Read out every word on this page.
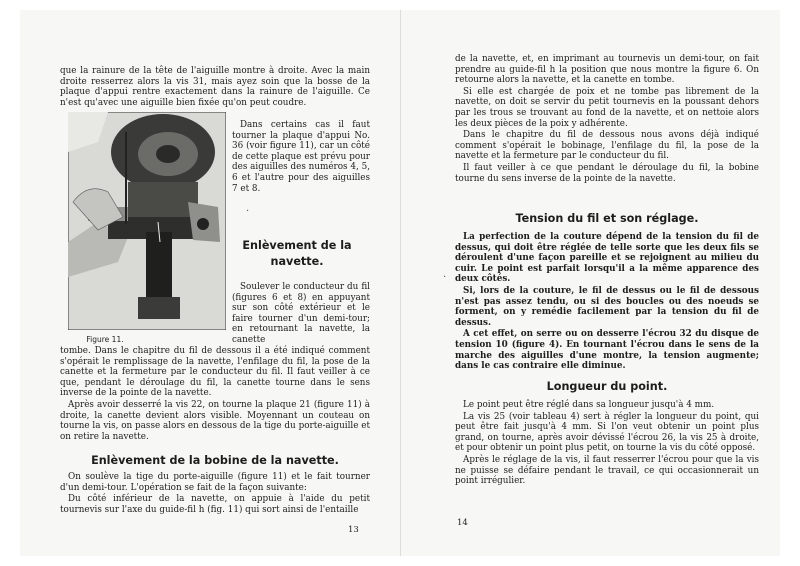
que la rainure de la tête de l'aiguille montre à droite. Avec la main droite resserrez alors la vis 31, mais ayez soin que la bosse de la plaque d'appui rentre exactement dans la rainure de l'aiguille. Ce n'est qu'avec une aiguille bien fixée qu'on peut coudre.

Figure 11.

Dans certains cas il faut tourner la plaque d'appui No. 36 (voir figure 11), car un côté de cette plaque est prévu pour des aiguilles des numéros 4, 5, 6 et l'autre pour des aiguilles 7 et 8.

Enlèvement de la navette.

Soulever le conducteur du fil (figures 6 et 8) en appuyant sur son côté extérieur et le faire tourner d'un demi-tour; en retournant la navette, la canette

tombe. Dans le chapitre du fil de dessous il a été indiqué comment s'opérait le remplissage de la navette, l'enfilage du fil, la pose de la canette et la fermeture par le conducteur du fil. Il faut veiller à ce que, pendant le déroulage du fil, la canette tourne dans le sens inverse de la pointe de la navette.

Après avoir desserré la vis 22, on tourne la plaque 21 (figure 11) à droite, la canette devient alors visible. Moyennant un couteau on tourne la vis, on passe alors en dessous de la tige du porte-aiguille et on retire la navette.

Enlèvement de la bobine de la navette.

On soulève la tige du porte-aiguille (figure 11) et le fait tourner d'un demi-tour. L'opération se fait de la façon suivante:

Du côté inférieur de la navette, on appuie à l'aide du petit tournevis sur l'axe du guide-fil h (fig. 11) qui sort ainsi de l'entaille

13
·

de la navette, et, en imprimant au tournevis un demi-tour, on fait prendre au guide-fil h la position que nous montre la figure 6. On retourne alors la navette, et la canette en tombe.

Si elle est chargée de poix et ne tombe pas librement de la navette, on doit se servir du petit tournevis en la poussant dehors par les trous se trouvant au fond de la navette, et on nettoie alors les deux pièces de la poix y adhérente.

Dans le chapitre du fil de dessous nous avons déjà indiqué comment s'opérait le bobinage, l'enfilage du fil, la pose de la navette et la fermeture par le conducteur du fil.

Il faut veiller à ce que pendant le déroulage du fil, la bobine tourne du sens inverse de la pointe de la navette.

Tension du fil et son réglage.

La perfection de la couture dépend de la tension du fil de dessus, qui doit être réglée de telle sorte que les deux fils se déroulent d'une façon pareille et se rejoignent au milieu du cuir. Le point est parfait lorsqu'il a la même apparence des deux côtés.

Si, lors de la couture, le fil de dessus ou le fil de dessous n'est pas assez tendu, ou si des boucles ou des noeuds se forment, on y remédie facilement par la tension du fil de dessus.

A cet effet, on serre ou on desserre l'écrou 32 du disque de tension 10 (figure 4). En tournant l'écrou dans le sens de la marche des aiguilles d'une montre, la tension augmente; dans le cas contraire elle diminue.

Longueur du point.

Le point peut être réglé dans sa longueur jusqu'à 4 mm.

La vis 25 (voir tableau 4) sert à régler la longueur du point, qui peut être fait jusqu'à 4 mm. Si l'on veut obtenir un point plus grand, on tourne, après avoir dévissé l'écrou 26, la vis 25 à droite, et pour obtenir un point plus petit, on tourne la vis du côté opposé.

Après le réglage de la vis, il faut resserrer l'écrou pour que la vis ne puisse se défaire pendant le travail, ce qui occasionnerait un point irrégulier.

14
·
